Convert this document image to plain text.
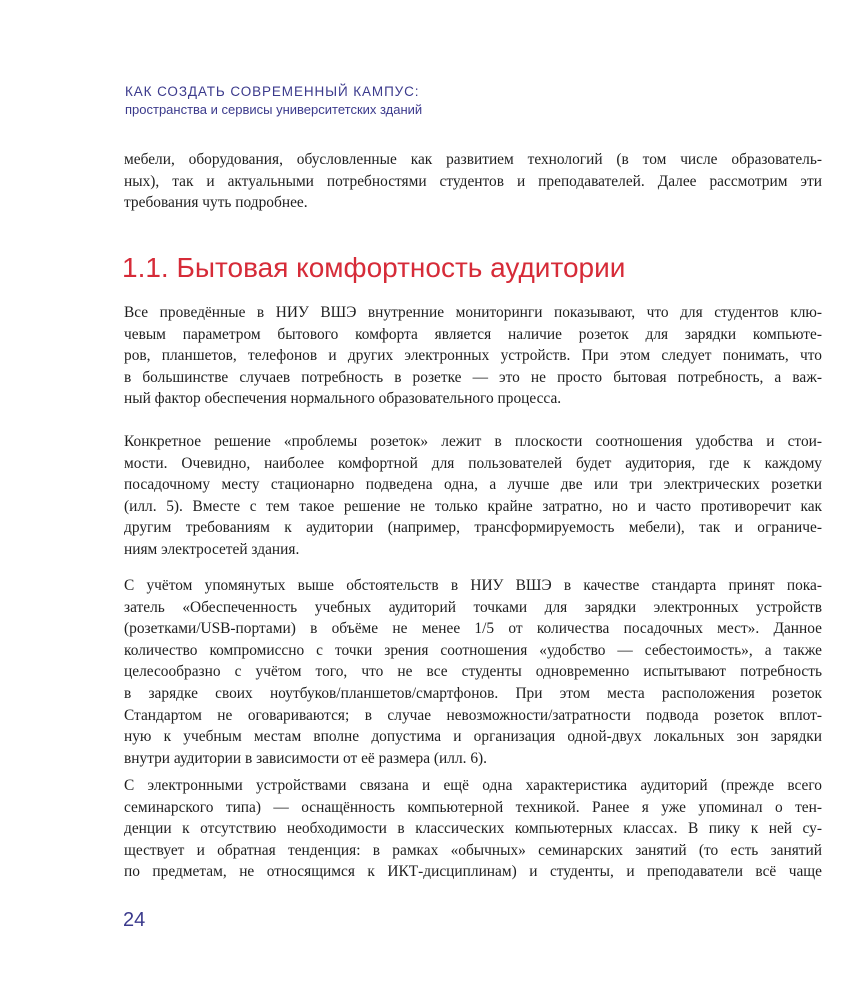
КАК СОЗДАТЬ СОВРЕМЕННЫЙ КАМПУС:
пространства и сервисы университетских зданий

мебели, оборудования, обусловленные как развитием технологий (в том числе образователь-
ных), так и актуальными потребностями студентов и преподавателей. Далее рассмотрим эти
требования чуть подробнее.

1.1. Бытовая комфортность аудитории

Все проведённые в НИУ ВШЭ внутренние мониторинги показывают, что для студентов клю-
чевым параметром бытового комфорта является наличие розеток для зарядки компьюте-
ров, планшетов, телефонов и других электронных устройств. При этом следует понимать, что
в большинстве случаев потребность в розетке — это не просто бытовая потребность, а важ-
ный фактор обеспечения нормального образовательного процесса.

Конкретное решение «проблемы розеток» лежит в плоскости соотношения удобства и стои-
мости. Очевидно, наиболее комфортной для пользователей будет аудитория, где к каждому
посадочному месту стационарно подведена одна, а лучше две или три электрических розетки
(илл. 5). Вместе с тем такое решение не только крайне затратно, но и часто противоречит как
другим требованиям к аудитории (например, трансформируемость мебели), так и ограниче-
ниям электросетей здания.

С учётом упомянутых выше обстоятельств в НИУ ВШЭ в качестве стандарта принят пока-
затель «Обеспеченность учебных аудиторий точками для зарядки электронных устройств
(розетками/USB-портами) в объёме не менее 1/5 от количества посадочных мест». Данное
количество компромиссно с точки зрения соотношения «удобство — себестоимость», а также
целесообразно с учётом того, что не все студенты одновременно испытывают потребность
в зарядке своих ноутбуков/планшетов/смартфонов. При этом места расположения розеток
Стандартом не оговариваются; в случае невозможности/затратности подвода розеток вплот-
ную к учебным местам вполне допустима и организация одной-двух локальных зон зарядки
внутри аудитории в зависимости от её размера (илл. 6).

С электронными устройствами связана и ещё одна характеристика аудиторий (прежде всего
семинарского типа) — оснащённость компьютерной техникой. Ранее я уже упоминал о тен-
денции к отсутствию необходимости в классических компьютерных классах. В пику к ней су-
ществует и обратная тенденция: в рамках «обычных» семинарских занятий (то есть занятий
по предметам, не относящимся к ИКТ-дисциплинам) и студенты, и преподаватели всё чаще

24
